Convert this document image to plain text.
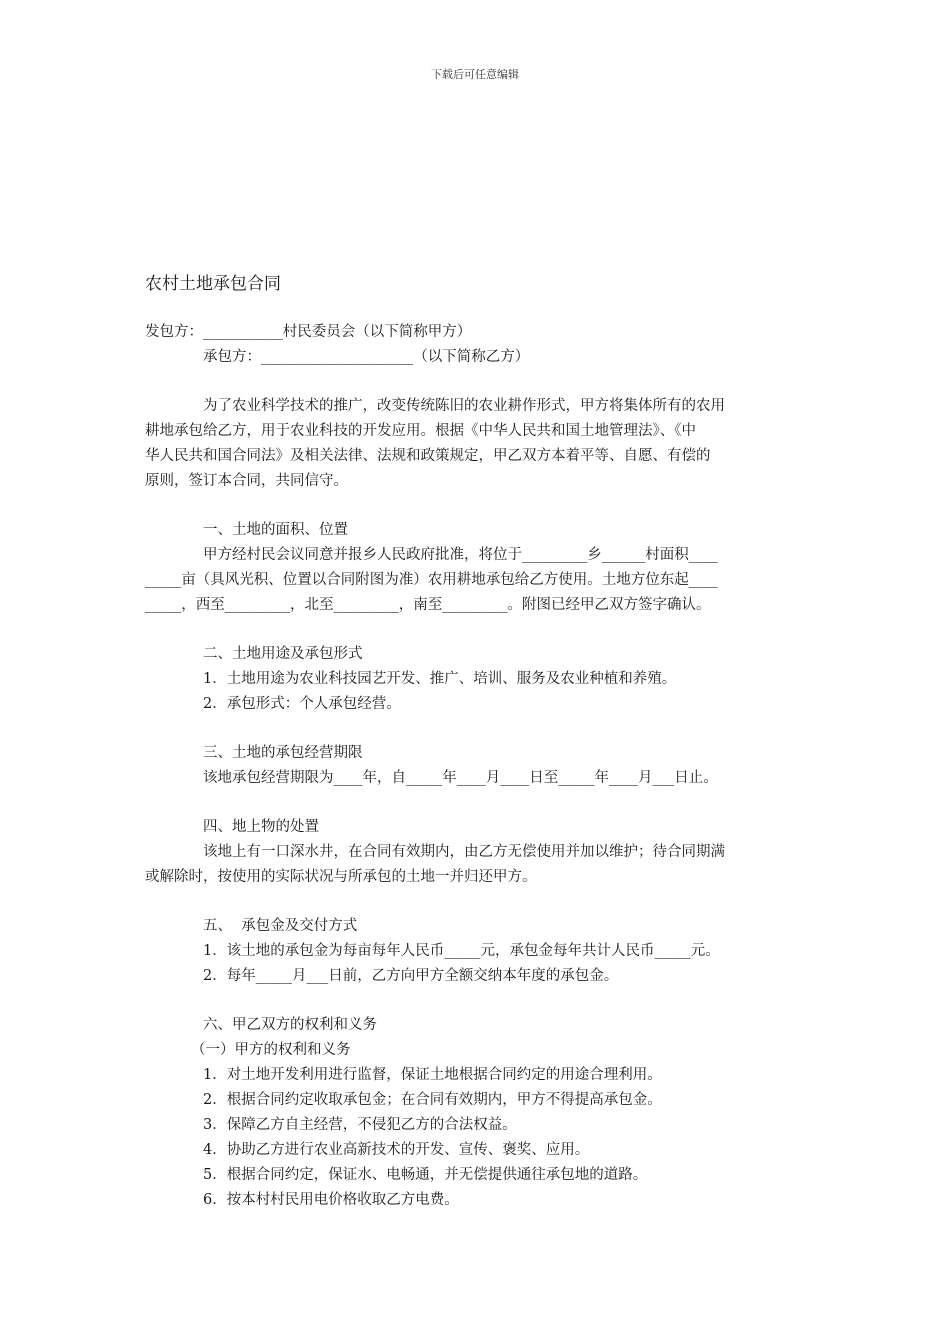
下载后可任意编辑
农村土地承包合同
发包方：___________村民委员会（以下简称甲方）
承包方：_____________________（以下简称乙方）
为了农业科学技术的推广，改变传统陈旧的农业耕作形式，甲方将集体所有的农用
耕地承包给乙方，用于农业科技的开发应用。根据《中华人民共和国土地管理法》、《中
华人民共和国合同法》及相关法律、法规和政策规定，甲乙双方本着平等、自愿、有偿的
原则，签订本合同，共同信守。
一、土地的面积、位置
甲方经村民会议同意并报乡人民政府批准，将位于_________乡______村面积____
_____亩（具风光积、位置以合同附图为准）农用耕地承包给乙方使用。土地方位东起____
_____，西至_________，北至_________，南至_________。附图已经甲乙双方签字确认。
二、土地用途及承包形式
1．土地用途为农业科技园艺开发、推广、培训、服务及农业种植和养殖。
2．承包形式：个人承包经营。
三、土地的承包经营期限
该地承包经营期限为____年，自_____年____月____日至_____年____月___日止。
四、地上物的处置
该地上有一口深水井，在合同有效期内，由乙方无偿使用并加以维护；待合同期满
或解除时，按使用的实际状况与所承包的土地一并归还甲方。
五、  承包金及交付方式
1．该土地的承包金为每亩每年人民币_____元，承包金每年共计人民币_____元。
2．每年_____月___日前，乙方向甲方全额交纳本年度的承包金。
六、甲乙双方的权利和义务
（一）甲方的权利和义务
1．对土地开发利用进行监督，保证土地根据合同约定的用途合理利用。
2．根据合同约定收取承包金；在合同有效期内，甲方不得提高承包金。
3．保障乙方自主经营，不侵犯乙方的合法权益。
4．协助乙方进行农业高新技术的开发、宣传、褒奖、应用。
5．根据合同约定，保证水、电畅通，并无偿提供通往承包地的道路。
6．按本村村民用电价格收取乙方电费。
